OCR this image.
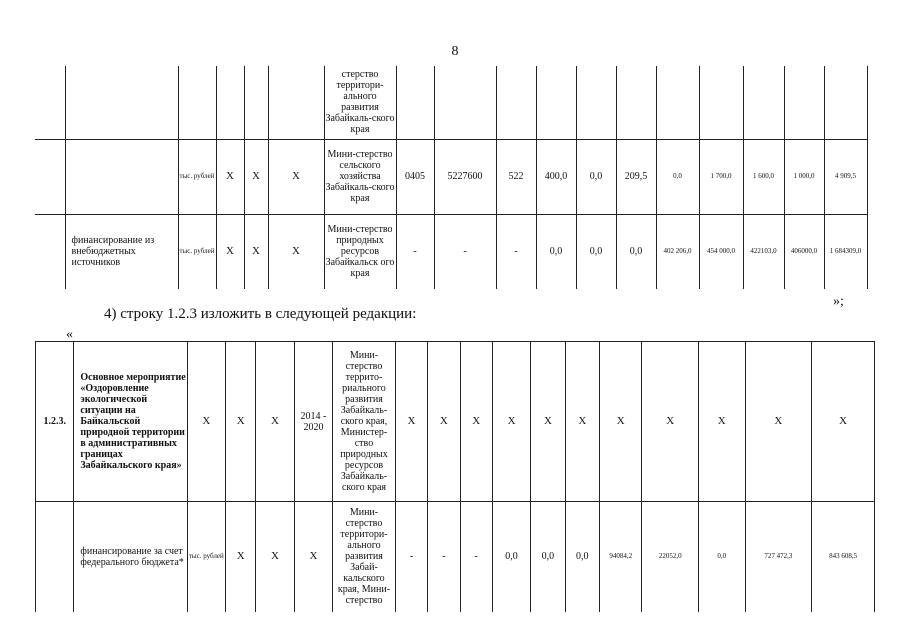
8
						стерство территори-ального развития Забайкаль-ского края											
		тыс. рублей	X	X	X	Мини-стерство сельского хозяйства Забайкаль-ского края	0405	5227600	522	400,0	0,0	209,5	0,0	1 700,0	1 600,0	1 000,0	4 909,5
	финансирование из внебюджетных источников	тыс. рублей	X	X	X	Мини-стерство природных ресурсов Забайкальск ого края	-	-	-	0,0	0,0	0,0	402 206,0	454 000,0	422103,0	406000,0	1 684309,0
»;
4) строку 1.2.3 изложить в следующей редакции:
«
1.2.3.	Основное мероприятие «Оздоровление экологической ситуации на Байкальской природной территории в административных границах Забайкальского края»	X	X	X	2014 - 2020	Мини-стерство террито-риального развития Забайкаль-ского края, Министер-ство природных ресурсов Забайкаль-ского края	X	X	X	X	X	X	X	X	X	X	X
	финансирование за счет федерального бюджета*	тыс. рублей	X	X	X	Мини-стерство территори-ального развития Забай-кальского края, Мини-стерство	-	-	-	0,0	0,0	0,0	94084,2	22052,0	0,0	727 472,3	843 608,5
